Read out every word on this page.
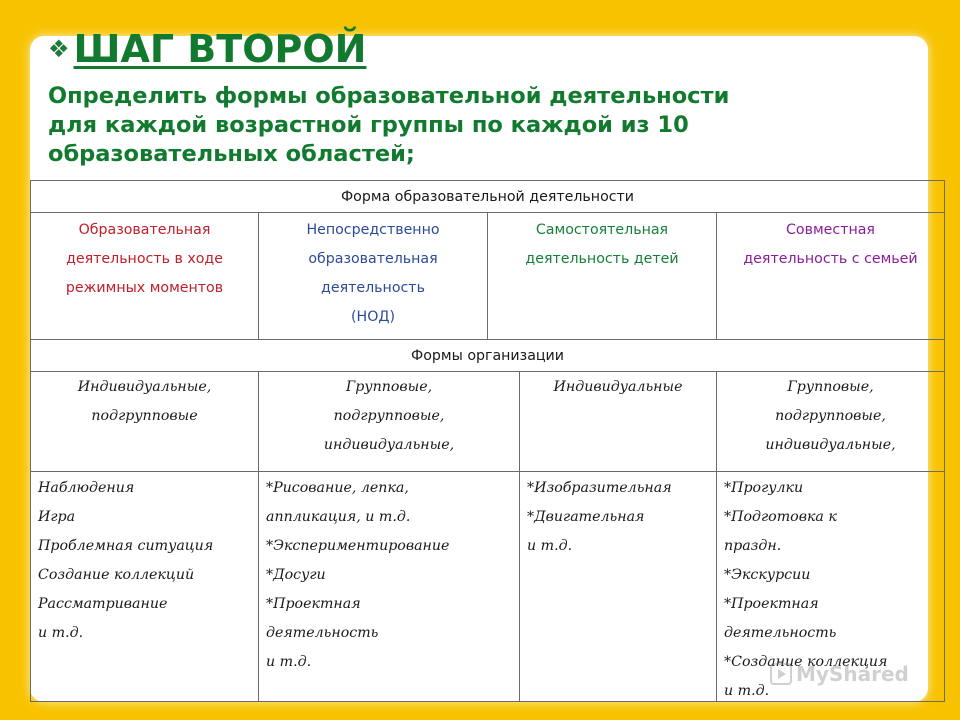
❖ ШАГ ВТОРОЙ
Определить формы образовательной деятельности
для каждой возрастной группы по каждой из 10
образовательных областей;
Форма образовательной деятельности
Образовательная
деятельность в ходе
режимных моментов
Непосредственно
образовательная
деятельность
(НОД)
Самостоятельная
деятельность детей
Совместная
деятельность с семьей
Формы организации
Индивидуальные,
подгрупповые
Групповые,
подгрупповые,
индивидуальные,
Индивидуальные	Групповые,
подгрупповые,
индивидуальные,
Наблюдения
Игра
Проблемная ситуация
Создание коллекций
Рассматривание
и т.д.
*Рисование, лепка,
аппликация, и т.д.
*Экспериментирование
*Досуги
*Проектная
деятельность
и т.д.
*Изобразительная
*Двигательная
и т.д.
*Прогулки
*Подготовка к
праздн.
*Экскурсии
*Проектная
деятельность
*Создание коллекция
и т.д.
MyShared
